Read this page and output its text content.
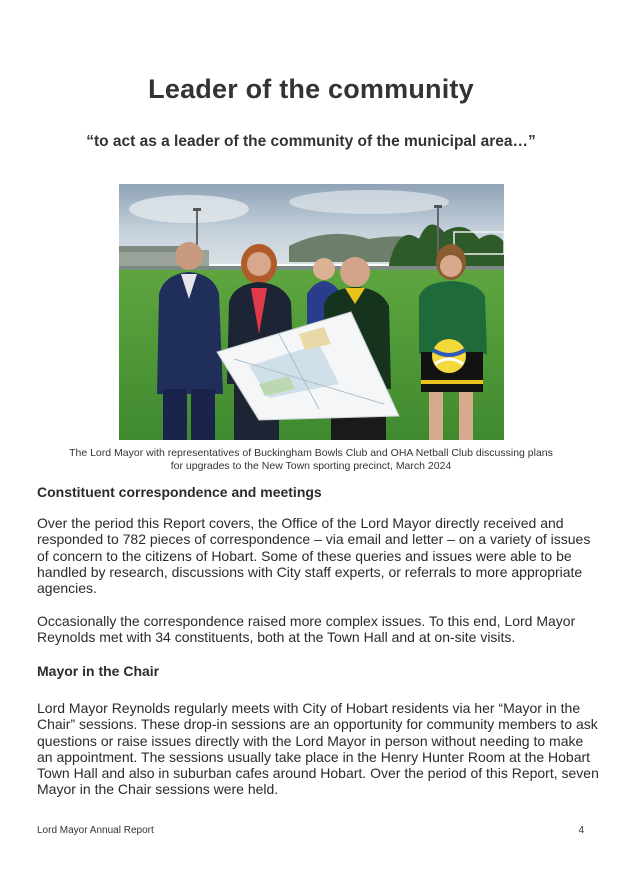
Leader of the community

“to act as a leader of the community of the municipal area…”

The Lord Mayor with representatives of Buckingham Bowls Club and OHA Netball Club discussing plans
for upgrades to the New Town sporting precinct, March 2024
Constituent correspondence and meetings

Over the period this Report covers, the Office of the Lord Mayor directly received and
responded to 782 pieces of correspondence – via email and letter – on a variety of issues
of concern to the citizens of Hobart. Some of these queries and issues were able to be
handled by research, discussions with City staff experts, or referrals to more appropriate
agencies.

Occasionally the correspondence raised more complex issues. To this end, Lord Mayor
Reynolds met with 34 constituents, both at the Town Hall and at on-site visits.

Mayor in the Chair

Lord Mayor Reynolds regularly meets with City of Hobart residents via her “Mayor in the
Chair” sessions. These drop-in sessions are an opportunity for community members to ask
questions or raise issues directly with the Lord Mayor in person without needing to make
an appointment. The sessions usually take place in the Henry Hunter Room at the Hobart
Town Hall and also in suburban cafes around Hobart. Over the period of this Report, seven
Mayor in the Chair sessions were held.

Lord Mayor Annual Report	4
